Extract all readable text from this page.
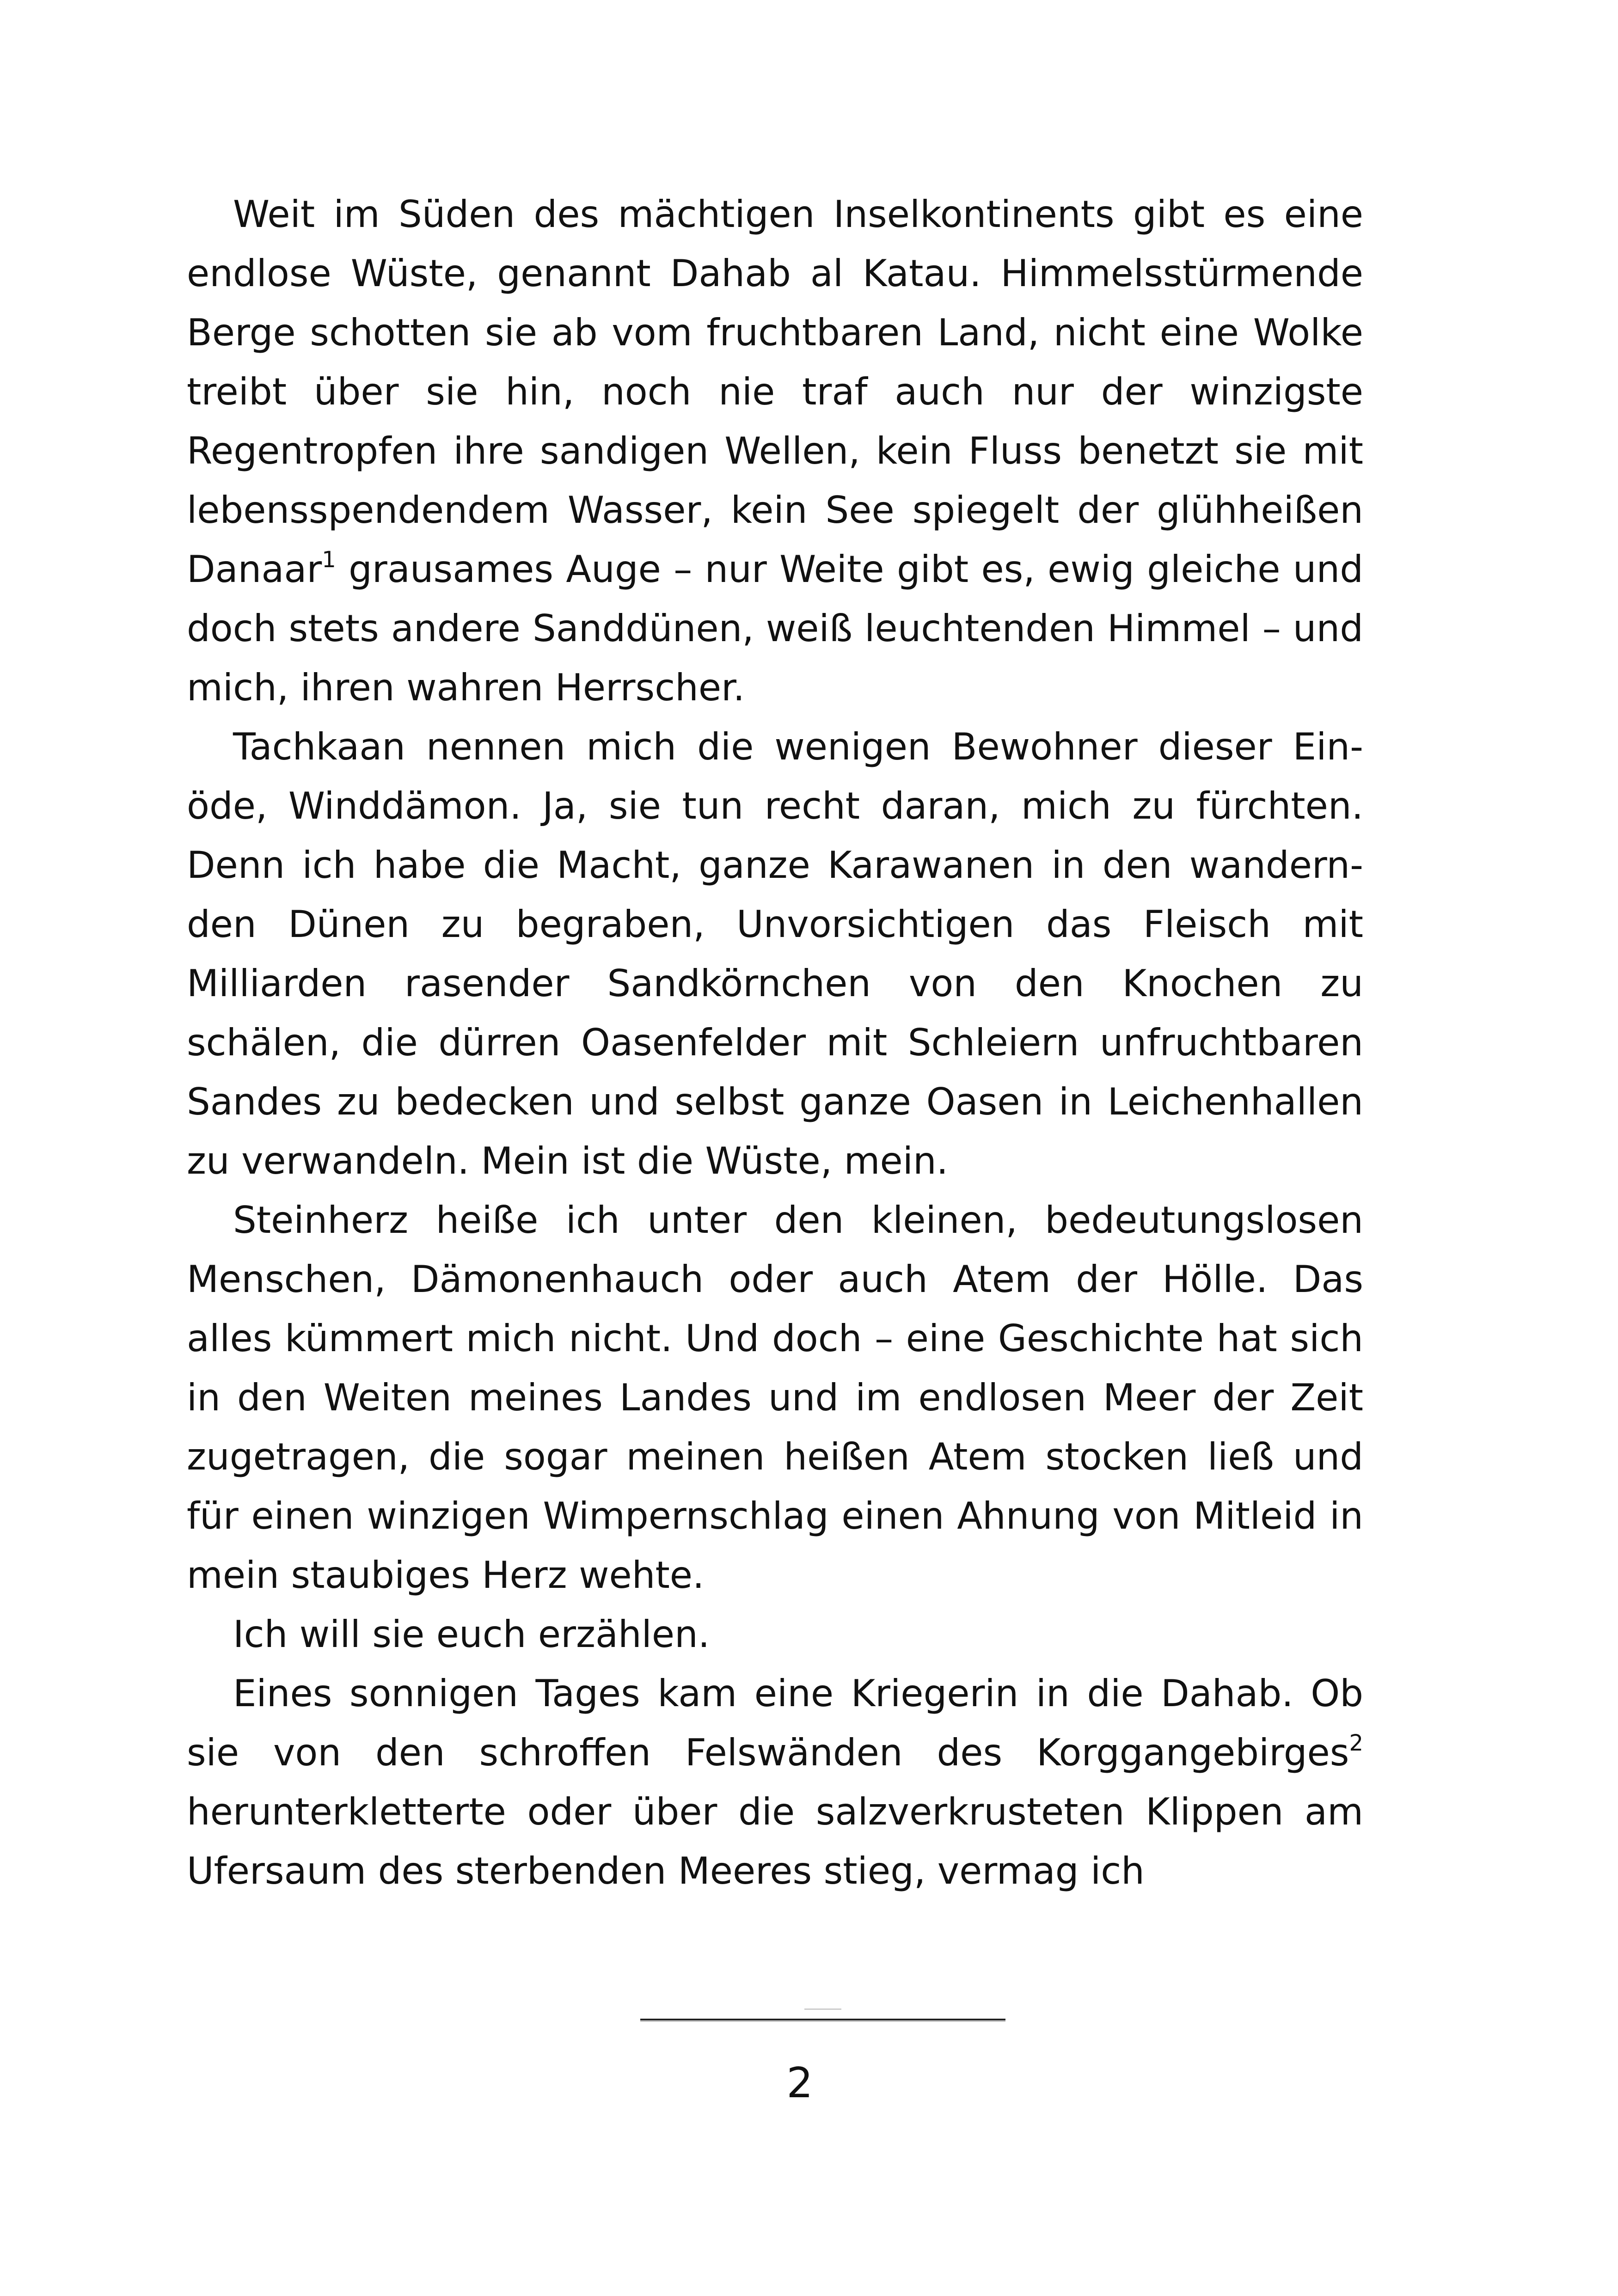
Weit im Süden des mächtigen Inselkontinents gibt es eine endlose Wüste, genannt Dahab al Katau. Himmelsstürmende Berge schotten sie ab vom fruchtbaren Land, nicht eine Wolke treibt über sie hin, noch nie traf auch nur der winzigste Regentropfen ihre sandigen Wellen, kein Fluss benetzt sie mit lebensspendendem Wasser, kein See spiegelt der glühheißen Danaar$^1$ grausames Auge – nur Weite gibt es, ewig gleiche und doch stets andere Sanddünen, weiß leuchtenden Himmel – und mich, ihren wahren Herrscher.

Tachkaan nennen mich die wenigen Bewohner dieser Einöde, Winddämon. Ja, sie tun recht daran, mich zu fürchten. Denn ich habe die Macht, ganze Karawanen in den wandernden Dünen zu begraben, Unvorsichtigen das Fleisch mit Milliarden rasender Sandkörnchen von den Knochen zu schälen, die dürren Oasenfelder mit Schleiern unfruchtbaren Sandes zu bedecken und selbst ganze Oasen in Leichenhallen zu verwandeln. Mein ist die Wüste, mein.

Steinherz heiße ich unter den kleinen, bedeutungslosen Menschen, Dämonenhauch oder auch Atem der Hölle. Das alles kümmert mich nicht. Und doch – eine Geschichte hat sich in den Weiten meines Landes und im endlosen Meer der Zeit zugetragen, die sogar meinen heißen Atem stocken ließ und für einen winzigen Wimpernschlag einen Ahnung von Mitleid in mein staubiges Herz wehte.

Ich will sie euch erzählen.

Eines sonnigen Tages kam eine Kriegerin in die Dahab. Ob sie von den schroffen Felswänden des Korggangebirges$^2$ herunterkletterte oder über die salzverkrusteten Klippen am Ufersaum des sterbenden Meeres stieg, vermag ich

2
